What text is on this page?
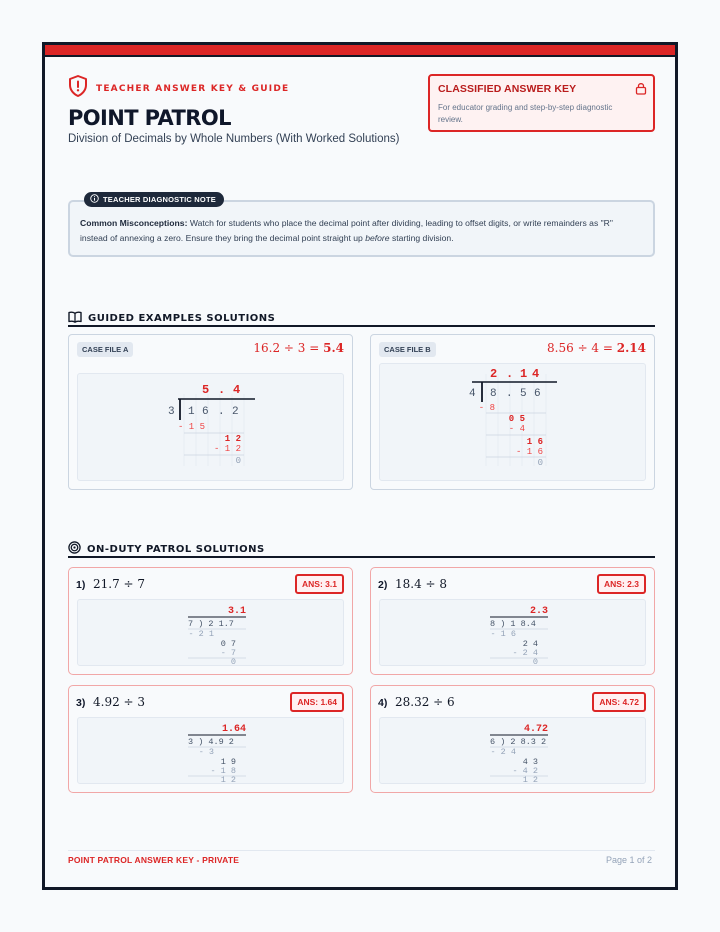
TEACHER ANSWER KEY & GUIDE
POINT PATROL
Division of Decimals by Whole Numbers (With Worked Solutions)
CLASSIFIED ANSWER KEY
For educator grading and step-by-step diagnostic review.
TEACHER DIAGNOSTIC NOTE

Common Misconceptions: Watch for students who place the decimal point after dividing, leading to offset digits, or write remainders as "R" instead of annexing a zero. Ensure they bring the decimal point straight up before starting division.

GUIDED EXAMPLES SOLUTIONS
CASE FILE A	16.2 ÷ 3 = 5.4
5 . 4
3 1 6 . 2
- 1 5
1 2
- 1 2
0
CASE FILE B	8.56 ÷ 4 = 2.14
2 . 1 4
4 8 . 5 6
- 8
0 5
- 4
1 6
- 1 6
0
ON-DUTY PATROL SOLUTIONS
1) 21.7 ÷ 7	ANS: 3.1
3.1
7 ) 2 1.7
- 2 1
0 7
- 7
0
2) 18.4 ÷ 8	ANS: 2.3
2.3
8 ) 1 8.4
- 1 6
2 4
- 2 4
0
3) 4.92 ÷ 3	ANS: 1.64
1.64
3 ) 4.9 2
- 3
1 9
- 1 8
1 2
4) 28.32 ÷ 6	ANS: 4.72
4.72
6 ) 2 8.3 2
- 2 4
4 3
- 4 2
1 2
POINT PATROL ANSWER KEY - PRIVATE	Page 1 of 2
